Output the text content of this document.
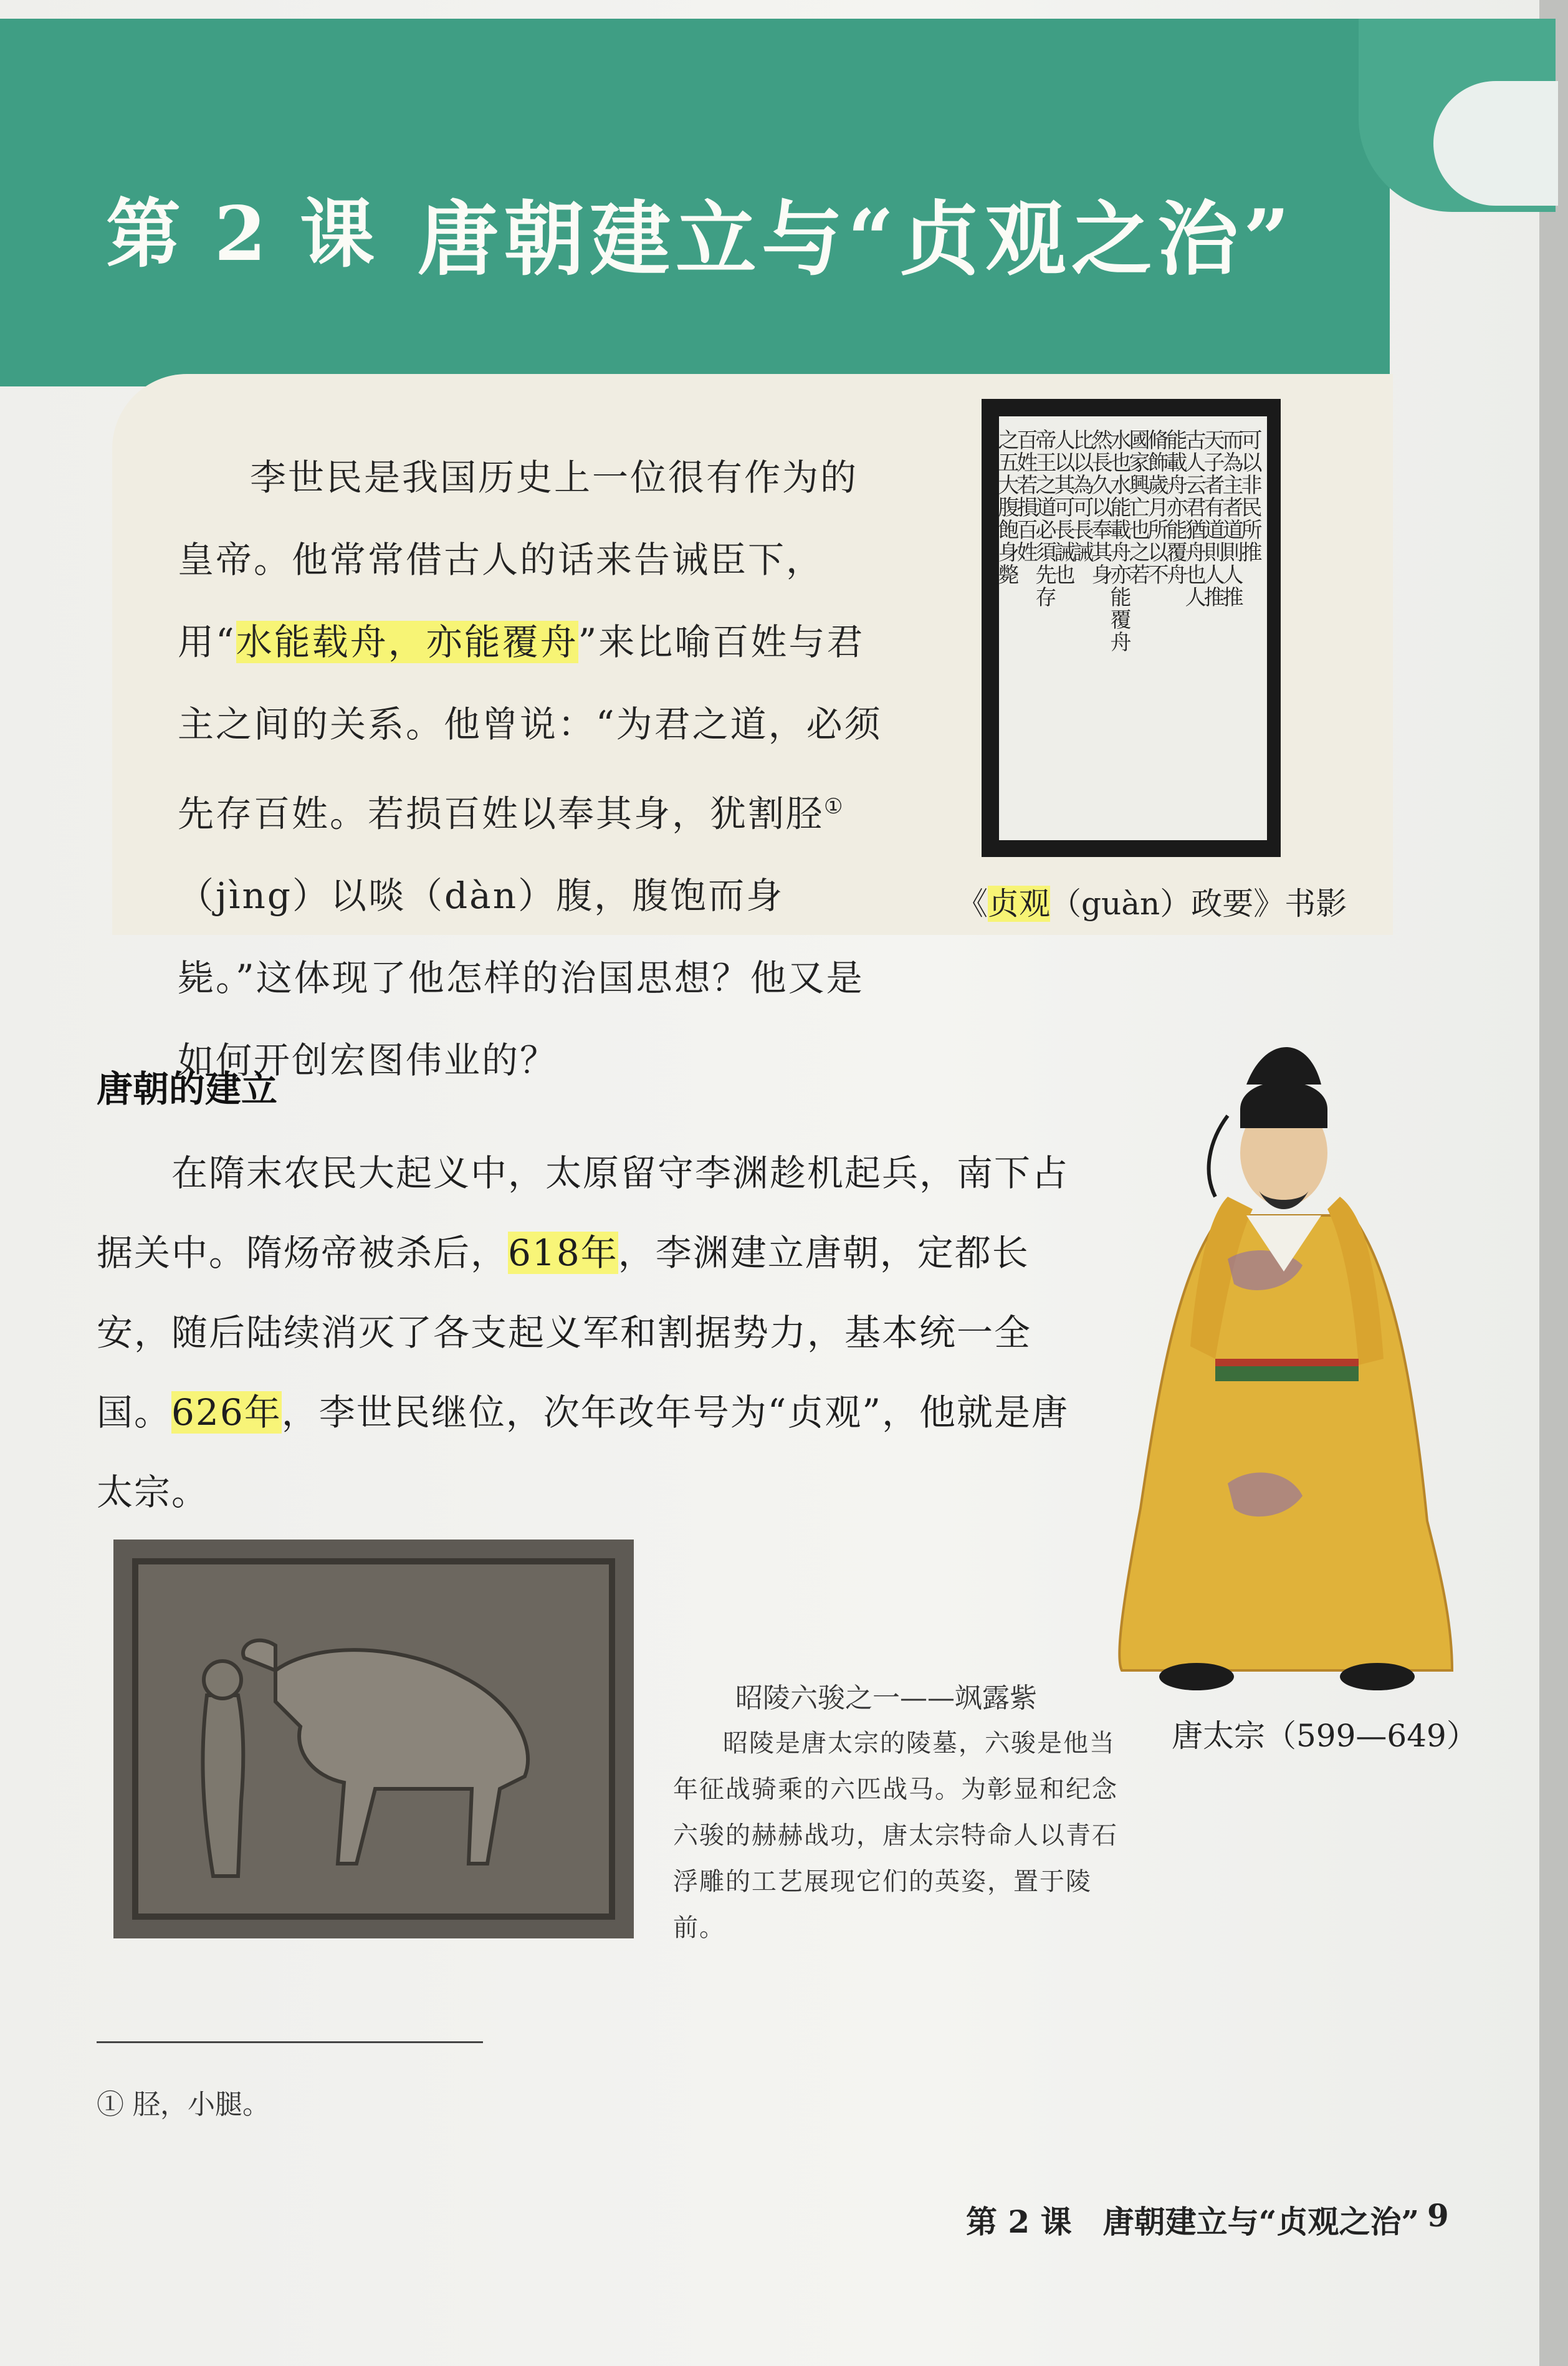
第 2 课 唐朝建立与“贞观之治”
李世民是我国历史上一位很有作为的皇帝。他常常借古人的话来告诫臣下，用“水能载舟，亦能覆舟”来比喻百姓与君主之间的关系。他曾说：“为君之道，必须先存百姓。若损百姓以奉其身，犹割胫①（jìng）以啖（dàn）腹，腹饱而身毙。”这体现了他怎样的治国思想？他又是如何开创宏图伟业的？
可以非民所推
而為主者道則人推
天子者有道則人推
古人云君猶舟也人
能載舟亦能覆舟
脩飾歲月所以不
國家興亡也之若
水也水能載舟亦能覆舟
然長久以奉其身
比以為可長誡
人以其可長誡也
帝王之道必須先存
百姓若損百姓
之五大腹飽身斃
《贞观（guàn）政要》书影
唐朝的建立
在隋末农民大起义中，太原留守李渊趁机起兵，南下占据关中。隋炀帝被杀后，618年，李渊建立唐朝，定都长安，随后陆续消灭了各支起义军和割据势力，基本统一全国。626年，李世民继位，次年改年号为“贞观”，他就是唐太宗。
唐太宗（599—649）
昭陵六骏之一——飒露紫
昭陵是唐太宗的陵墓，六骏是他当年征战骑乘的六匹战马。为彰显和纪念六骏的赫赫战功，唐太宗特命人以青石浮雕的工艺展现它们的英姿，置于陵前。
① 胫，小腿。
第 2 课　唐朝建立与“贞观之治” 9
